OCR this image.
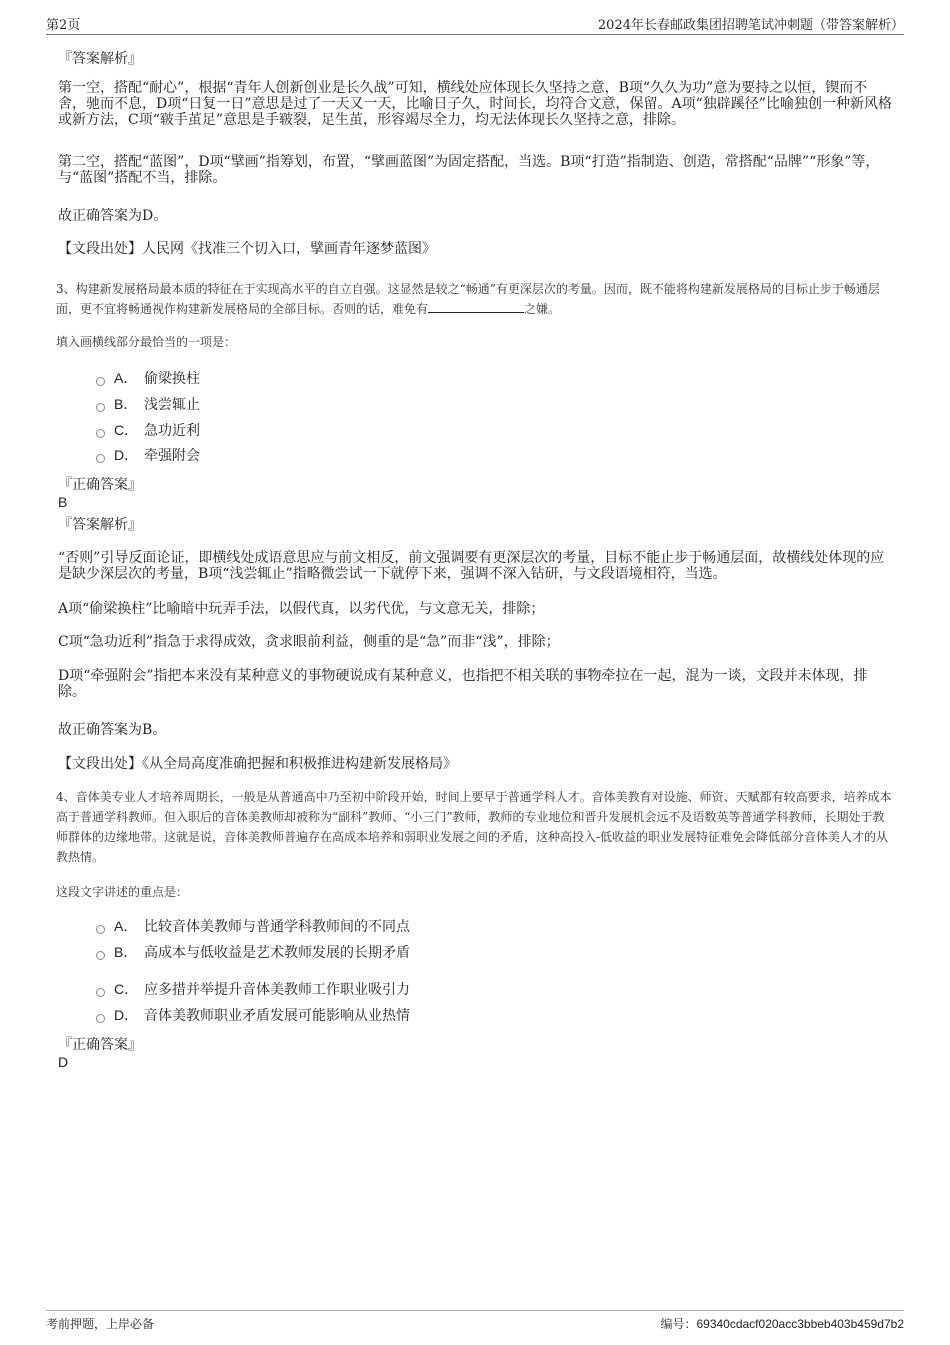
第2页	2024年长春邮政集团招聘笔试冲刺题（带答案解析）
『答案解析』

第一空，搭配“耐心”，根据“青年人创新创业是长久战”可知，横线处应体现长久坚持之意，B项“久久为功”意为要持之以恒，锲而不舍，驰而不息，D项“日复一日”意思是过了一天又一天，比喻日子久，时间长，均符合文意，保留。A项“独辟蹊径”比喻独创一种新风格或新方法，C项“皲手茧足”意思是手皲裂，足生茧，形容竭尽全力，均无法体现长久坚持之意，排除。

第二空，搭配“蓝图”，D项“擘画”指筹划，布置，“擘画蓝图”为固定搭配，当选。B项“打造”指制造、创造，常搭配“品牌”“形象”等，与“蓝图”搭配不当，排除。

故正确答案为D。
【文段出处】人民网《找准三个切入口，擘画青年逐梦蓝图》

3、构建新发展格局最本质的特征在于实现高水平的自立自强。这显然是较之“畅通”有更深层次的考量。因而，既不能将构建新发展格局的目标止步于畅通层面，更不宜将畅通视作构建新发展格局的全部目标。否则的话，难免有	之嫌。

填入画横线部分最恰当的一项是：
A． 偷梁换柱
B． 浅尝辄止
C． 急功近利
D． 牵强附会
『正确答案』
B
『答案解析』

“否则”引导反面论证，即横线处成语意思应与前文相反，前文强调要有更深层次的考量，目标不能止步于畅通层面，故横线处体现的应是缺少深层次的考量，B项“浅尝辄止”指略微尝试一下就停下来，强调不深入钻研，与文段语境相符，当选。

A项“偷梁换柱”比喻暗中玩弄手法，以假代真，以劣代优，与文意无关，排除；

C项“急功近利”指急于求得成效，贪求眼前利益，侧重的是“急”而非“浅”，排除；

D项“牵强附会”指把本来没有某种意义的事物硬说成有某种意义，也指把不相关联的事物牵拉在一起，混为一谈，文段并未体现，排除。

故正确答案为B。
【文段出处】《从全局高度准确把握和积极推进构建新发展格局》

4、音体美专业人才培养周期长，一般是从普通高中乃至初中阶段开始，时间上要早于普通学科人才。音体美教育对设施、师资、天赋都有较高要求，培养成本高于普通学科教师。但入职后的音体美教师却被称为“副科”教师、“小三门”教师，教师的专业地位和晋升发展机会远不及语数英等普通学科教师，长期处于教师群体的边缘地带。这就是说，音体美教师普遍存在高成本培养和弱职业发展之间的矛盾，这种高投入-低收益的职业发展特征难免会降低部分音体美人才的从教热情。

这段文字讲述的重点是：
A． 比较音体美教师与普通学科教师间的不同点
B． 高成本与低收益是艺术教师发展的长期矛盾
C． 应多措并举提升音体美教师工作职业吸引力
D． 音体美教师职业矛盾发展可能影响从业热情
『正确答案』
D
考前押题，上岸必备	编号：69340cdacf020acc3bbeb403b459d7b2
